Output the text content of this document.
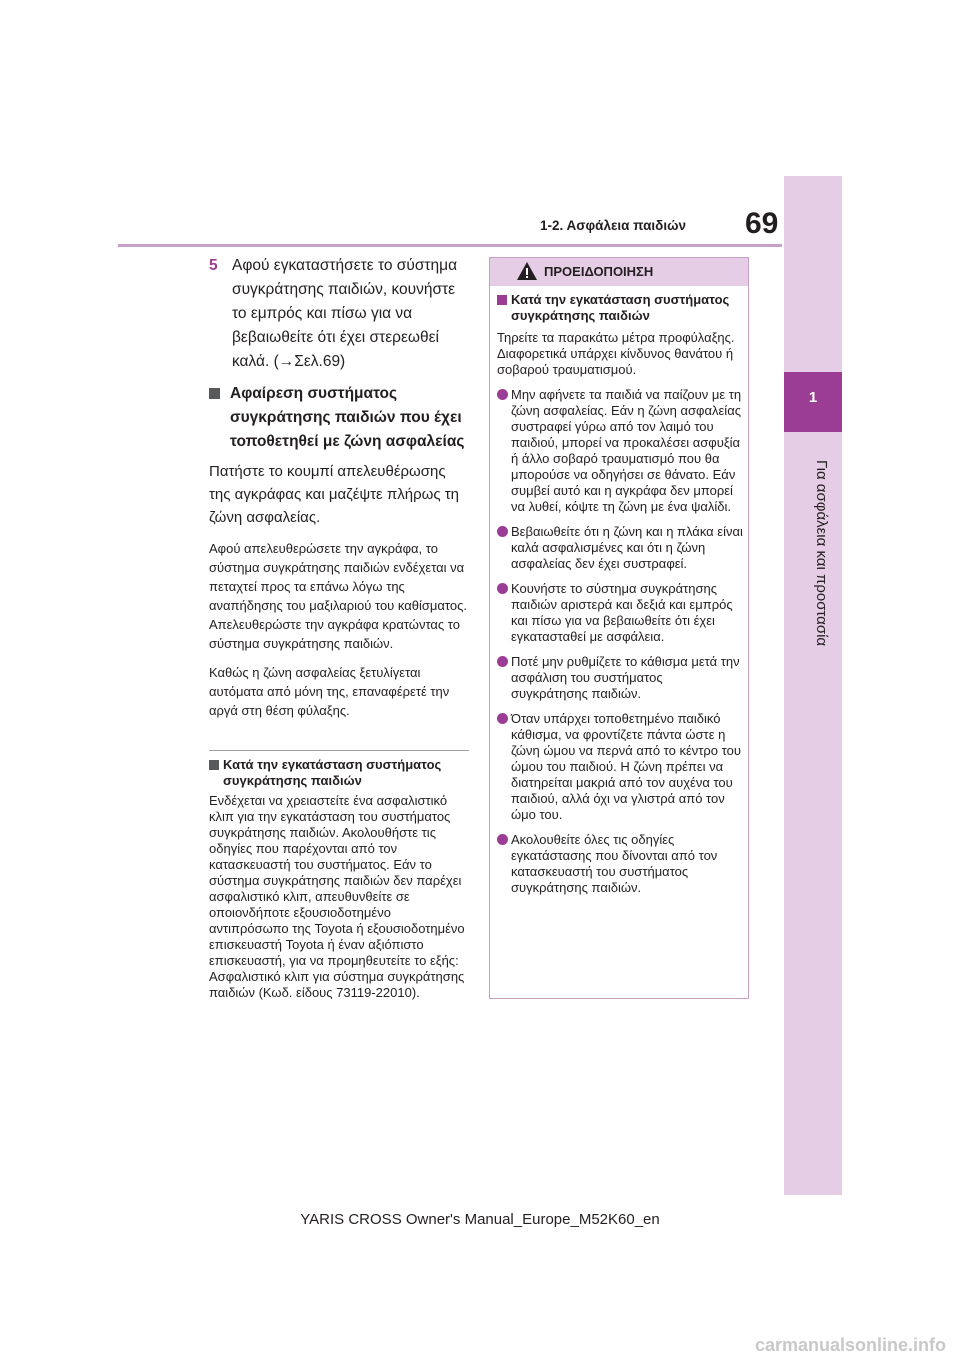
1-2. Ασφάλεια παιδιών 69
1
Για ασφάλεια και προστασία
5 Αφού εγκαταστήσετε το σύστημα συγκράτησης παιδιών, κουνήστε το εμπρός και πίσω για να βεβαιωθείτε ότι έχει στερεωθεί καλά. (→Σελ.69)
Αφαίρεση συστήματος συγκράτησης παιδιών που έχει τοποθετηθεί με ζώνη ασφαλείας
Πατήστε το κουμπί απελευθέρωσης της αγκράφας και μαζέψτε πλήρως τη ζώνη ασφαλείας.
Αφού απελευθερώσετε την αγκράφα, το σύστημα συγκράτησης παιδιών ενδέχεται να πεταχτεί προς τα επάνω λόγω της αναπήδησης του μαξιλαριού του καθίσματος. Απελευθερώστε την αγκράφα κρατώντας το σύστημα συγκράτησης παιδιών.
Καθώς η ζώνη ασφαλείας ξετυλίγεται αυτόματα από μόνη της, επαναφέρετέ την αργά στη θέση φύλαξης.
Κατά την εγκατάσταση συστήματος συγκράτησης παιδιών
Ενδέχεται να χρειαστείτε ένα ασφαλιστικό κλιπ για την εγκατάσταση του συστήματος συγκράτησης παιδιών. Ακολουθήστε τις οδηγίες που παρέχονται από τον κατασκευαστή του συστήματος. Εάν το σύστημα συγκράτησης παιδιών δεν παρέχει ασφαλιστικό κλιπ, απευθυνθείτε σε οποιονδήποτε εξουσιοδοτημένο αντιπρόσωπο της Toyota ή εξουσιοδοτημένο επισκευαστή Toyota ή έναν αξιόπιστο επισκευαστή, για να προμηθευτείτε το εξής: Ασφαλιστικό κλιπ για σύστημα συγκράτησης παιδιών (Κωδ. είδους 73119-22010).
ΠΡΟΕΙΔΟΠΟΙΗΣΗ
Κατά την εγκατάσταση συστήματος συγκράτησης παιδιών
Τηρείτε τα παρακάτω μέτρα προφύλαξης.
Διαφορετικά υπάρχει κίνδυνος θανάτου ή σοβαρού τραυματισμού.
Μην αφήνετε τα παιδιά να παίζουν με τη ζώνη ασφαλείας. Εάν η ζώνη ασφαλείας συστραφεί γύρω από τον λαιμό του παιδιού, μπορεί να προκαλέσει ασφυξία ή άλλο σοβαρό τραυματισμό που θα μπορούσε να οδηγήσει σε θάνατο. Εάν συμβεί αυτό και η αγκράφα δεν μπορεί να λυθεί, κόψτε τη ζώνη με ένα ψαλίδι.
Βεβαιωθείτε ότι η ζώνη και η πλάκα είναι καλά ασφαλισμένες και ότι η ζώνη ασφαλείας δεν έχει συστραφεί.
Κουνήστε το σύστημα συγκράτησης παιδιών αριστερά και δεξιά και εμπρός και πίσω για να βεβαιωθείτε ότι έχει εγκατασταθεί με ασφάλεια.
Ποτέ μην ρυθμίζετε το κάθισμα μετά την ασφάλιση του συστήματος συγκράτησης παιδιών.
Όταν υπάρχει τοποθετημένο παιδικό κάθισμα, να φροντίζετε πάντα ώστε η ζώνη ώμου να περνά από το κέντρο του ώμου του παιδιού. Η ζώνη πρέπει να διατηρείται μακριά από τον αυχένα του παιδιού, αλλά όχι να γλιστρά από τον ώμο του.
Ακολουθείτε όλες τις οδηγίες εγκατάστασης που δίνονται από τον κατασκευαστή του συστήματος συγκράτησης παιδιών.
YARIS CROSS Owner's Manual_Europe_M52K60_en
carmanualsonline.info
